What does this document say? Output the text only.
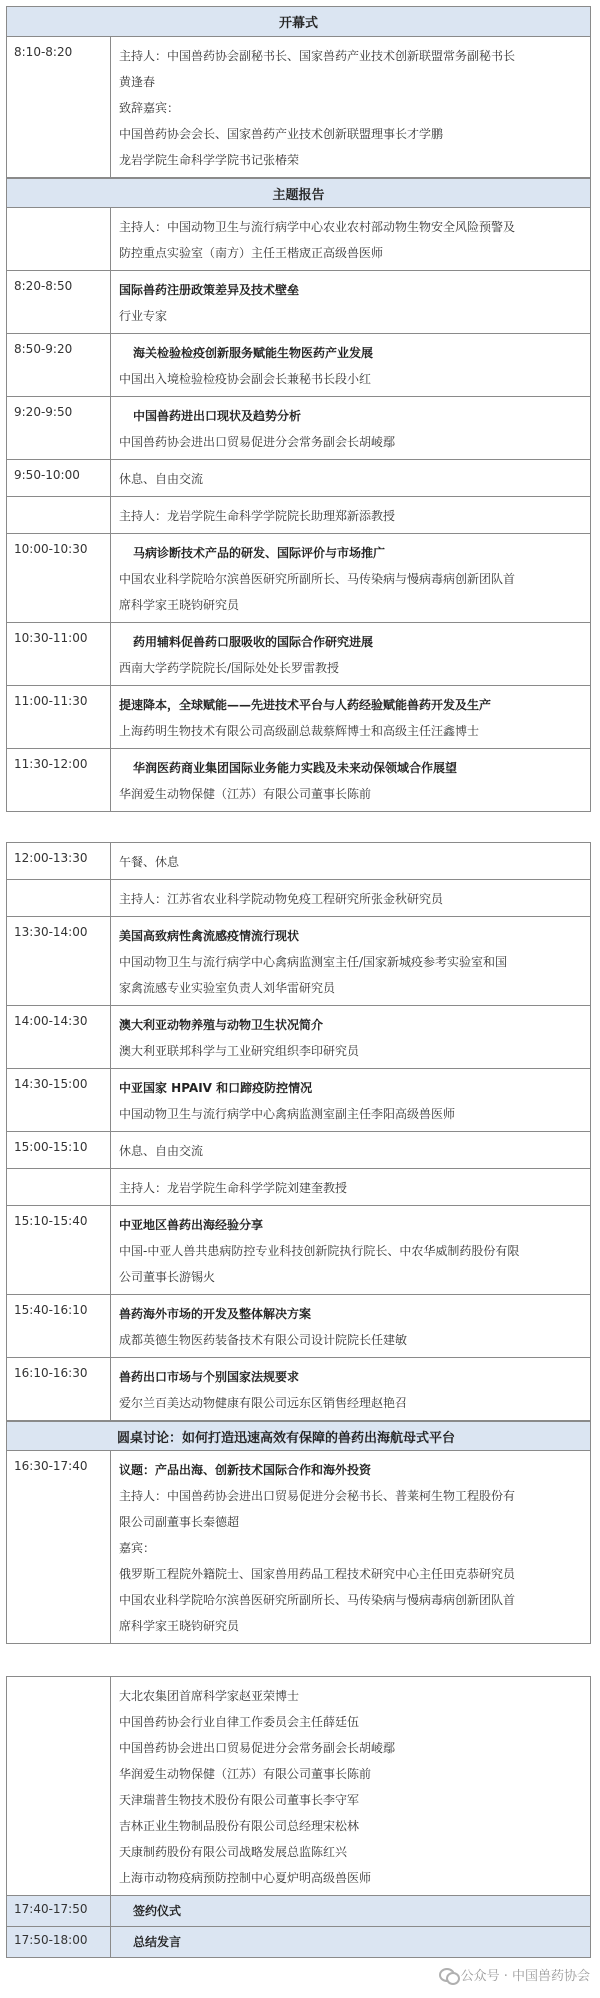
开幕式
8:10-8:20	主持人：中国兽药协会副秘书长、国家兽药产业技术创新联盟常务副秘书长
黄逢春
致辞嘉宾：
中国兽药协会会长、国家兽药产业技术创新联盟理事长才学鹏
龙岩学院生命科学学院书记张椿荣
主题报告
主持人：中国动物卫生与流行病学中心农业农村部动物生物安全风险预警及
防控重点实验室（南方）主任王楷宬正高级兽医师
8:20-8:50	国际兽药注册政策差异及技术壁垒
行业专家
8:50-9:20	海关检验检疫创新服务赋能生物医药产业发展
中国出入境检验检疫协会副会长兼秘书长段小红
9:20-9:50	中国兽药进出口现状及趋势分析
中国兽药协会进出口贸易促进分会常务副会长胡崚鄢
9:50-10:00	休息、自由交流
主持人：龙岩学院生命科学学院院长助理郑新添教授
10:00-10:30	马病诊断技术产品的研发、国际评价与市场推广
中国农业科学院哈尔滨兽医研究所副所长、马传染病与慢病毒病创新团队首
席科学家王晓钧研究员
10:30-11:00	药用辅料促兽药口服吸收的国际合作研究进展
西南大学药学院院长/国际处处长罗雷教授
11:00-11:30	提速降本，全球赋能——先进技术平台与人药经验赋能兽药开发及生产
上海药明生物技术有限公司高级副总裁蔡辉博士和高级主任汪鑫博士
11:30-12:00	华润医药商业集团国际业务能力实践及未来动保领域合作展望
华润爱生动物保健（江苏）有限公司董事长陈前
12:00-13:30	午餐、休息
主持人：江苏省农业科学院动物免疫工程研究所张金秋研究员
13:30-14:00	美国高致病性禽流感疫情流行现状
中国动物卫生与流行病学中心禽病监测室主任/国家新城疫参考实验室和国
家禽流感专业实验室负责人刘华雷研究员
14:00-14:30	澳大利亚动物养殖与动物卫生状况简介
澳大利亚联邦科学与工业研究组织李印研究员
14:30-15:00	中亚国家 HPAIV 和口蹄疫防控情况
中国动物卫生与流行病学中心禽病监测室副主任李阳高级兽医师
15:00-15:10	休息、自由交流
主持人：龙岩学院生命科学学院刘建奎教授
15:10-15:40	中亚地区兽药出海经验分享
中国-中亚人兽共患病防控专业科技创新院执行院长、中农华威制药股份有限
公司董事长游锡火
15:40-16:10	兽药海外市场的开发及整体解决方案
成都英德生物医药装备技术有限公司设计院院长任建敏
16:10-16:30	兽药出口市场与个别国家法规要求
爱尔兰百美达动物健康有限公司远东区销售经理赵艳召
圆桌讨论：如何打造迅速高效有保障的兽药出海航母式平台
16:30-17:40	议题：产品出海、创新技术国际合作和海外投资
主持人：中国兽药协会进出口贸易促进分会秘书长、普莱柯生物工程股份有
限公司副董事长秦德超
嘉宾：
俄罗斯工程院外籍院士、国家兽用药品工程技术研究中心主任田克恭研究员
中国农业科学院哈尔滨兽医研究所副所长、马传染病与慢病毒病创新团队首
席科学家王晓钧研究员
大北农集团首席科学家赵亚荣博士
中国兽药协会行业自律工作委员会主任薛廷伍
中国兽药协会进出口贸易促进分会常务副会长胡崚鄢
华润爱生动物保健（江苏）有限公司董事长陈前
天津瑞普生物技术股份有限公司董事长李守军
吉林正业生物制品股份有限公司总经理宋松林
天康制药股份有限公司战略发展总监陈红兴
上海市动物疫病预防控制中心夏炉明高级兽医师
17:40-17:50	签约仪式
17:50-18:00	总结发言
公众号 · 中国兽药协会
